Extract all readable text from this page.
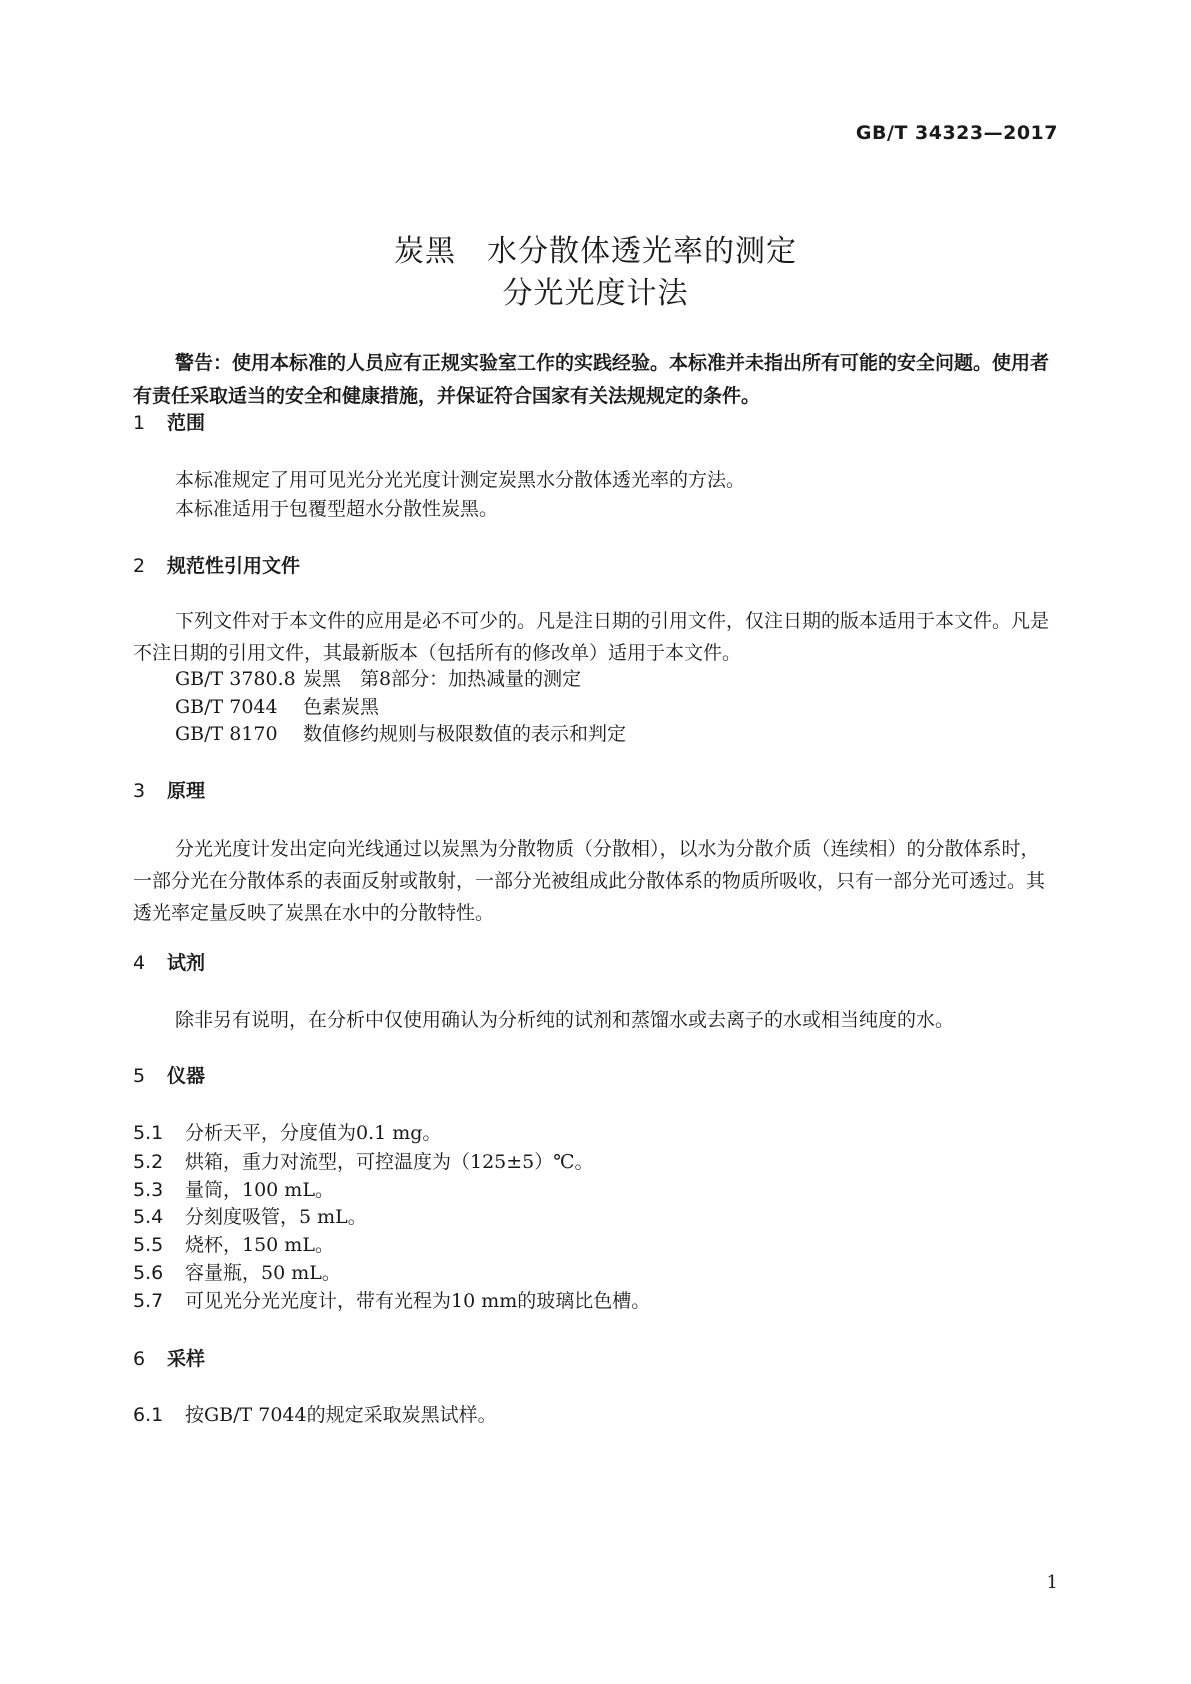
GB/T 34323—2017
炭黑　水分散体透光率的测定
分光光度计法
警告：使用本标准的人员应有正规实验室工作的实践经验。本标准并未指出所有可能的安全问题。使用者有责任采取适当的安全和健康措施，并保证符合国家有关法规规定的条件。
1 范围
本标准规定了用可见光分光光度计测定炭黑水分散体透光率的方法。
本标准适用于包覆型超水分散性炭黑。
2 规范性引用文件
下列文件对于本文件的应用是必不可少的。凡是注日期的引用文件，仅注日期的版本适用于本文件。凡是不注日期的引用文件，其最新版本（包括所有的修改单）适用于本文件。
GB/T 3780.8 炭黑　第8部分：加热减量的测定
GB/T 7044 色素炭黑
GB/T 8170 数值修约规则与极限数值的表示和判定
3 原理
分光光度计发出定向光线通过以炭黑为分散物质（分散相），以水为分散介质（连续相）的分散体系时，一部分光在分散体系的表面反射或散射，一部分光被组成此分散体系的物质所吸收，只有一部分光可透过。其透光率定量反映了炭黑在水中的分散特性。
4 试剂
除非另有说明，在分析中仅使用确认为分析纯的试剂和蒸馏水或去离子的水或相当纯度的水。
5 仪器
5.1 分析天平，分度值为0.1 mg。
5.2 烘箱，重力对流型，可控温度为（125±5）℃。
5.3 量筒，100 mL。
5.4 分刻度吸管，5 mL。
5.5 烧杯，150 mL。
5.6 容量瓶，50 mL。
5.7 可见光分光光度计，带有光程为10 mm的玻璃比色槽。
6 采样
6.1 按GB/T 7044的规定采取炭黑试样。
1
